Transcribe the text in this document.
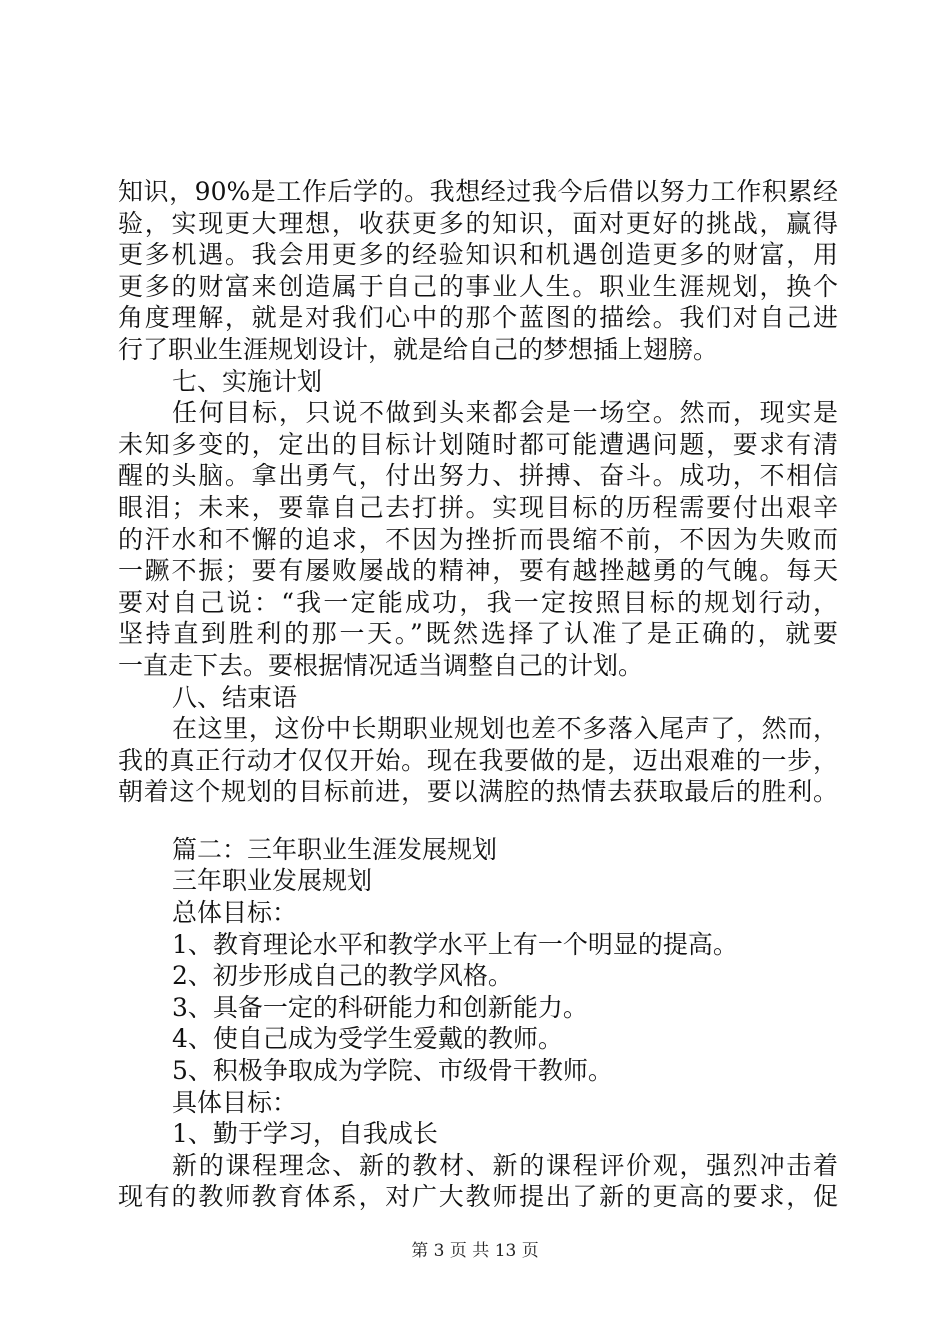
知识，90%是工作后学的。我想经过我今后借以努力工作积累经
验，实现更大理想，收获更多的知识，面对更好的挑战，赢得
更多机遇。我会用更多的经验知识和机遇创造更多的财富，用
更多的财富来创造属于自己的事业人生。职业生涯规划，换个
角度理解，就是对我们心中的那个蓝图的描绘。我们对自己进
行了职业生涯规划设计，就是给自己的梦想插上翅膀。
七、实施计划
任何目标，只说不做到头来都会是一场空。然而，现实是
未知多变的，定出的目标计划随时都可能遭遇问题，要求有清
醒的头脑。拿出勇气，付出努力、拼搏、奋斗。成功，不相信
眼泪；未来，要靠自己去打拼。实现目标的历程需要付出艰辛
的汗水和不懈的追求，不因为挫折而畏缩不前，不因为失败而
一蹶不振；要有屡败屡战的精神，要有越挫越勇的气魄。每天
要对自己说：“我一定能成功，我一定按照目标的规划行动，
坚持直到胜利的那一天。”既然选择了认准了是正确的，就要
一直走下去。要根据情况适当调整自己的计划。
八、结束语
在这里，这份中长期职业规划也差不多落入尾声了，然而，
我的真正行动才仅仅开始。现在我要做的是，迈出艰难的一步，
朝着这个规划的目标前进，要以满腔的热情去获取最后的胜利。
篇二：三年职业生涯发展规划
三年职业发展规划
总体目标：
1、教育理论水平和教学水平上有一个明显的提高。
2、初步形成自己的教学风格。
3、具备一定的科研能力和创新能力。
4、使自己成为受学生爱戴的教师。
5、积极争取成为学院、市级骨干教师。
具体目标：
1、勤于学习，自我成长
新的课程理念、新的教材、新的课程评价观，强烈冲击着
现有的教师教育体系，对广大教师提出了新的更高的要求，促
第 3 页 共 13 页
